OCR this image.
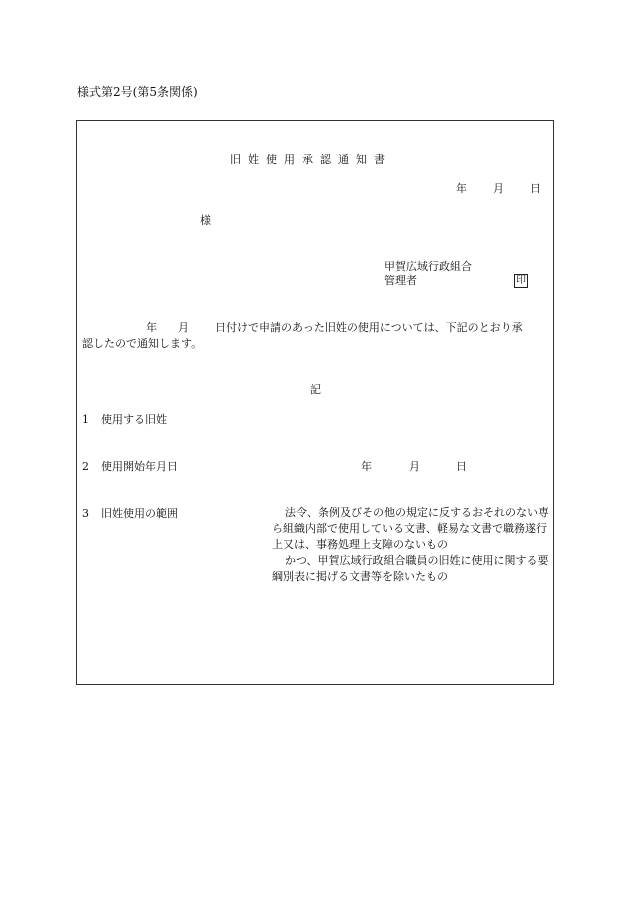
様式第2号(第5条関係)
旧姓使用承認通知書
年 月 日
様
甲賀広域行政組合
管理者	印
年 月 日付けで申請のあった旧姓の使用については、下記のとおり承
認したので通知します。
記
1 使用する旧姓
2 使用開始年月日	年	月	日
3 旧姓使用の範囲	法令、条例及びその他の規定に反するおそれのない専ら組織内部で使用している文書、軽易な文書で職務遂行上又は、事務処理上支障のないもの

かつ、甲賀広域行政組合職員の旧姓に使用に関する要綱別表に掲げる文書等を除いたもの
